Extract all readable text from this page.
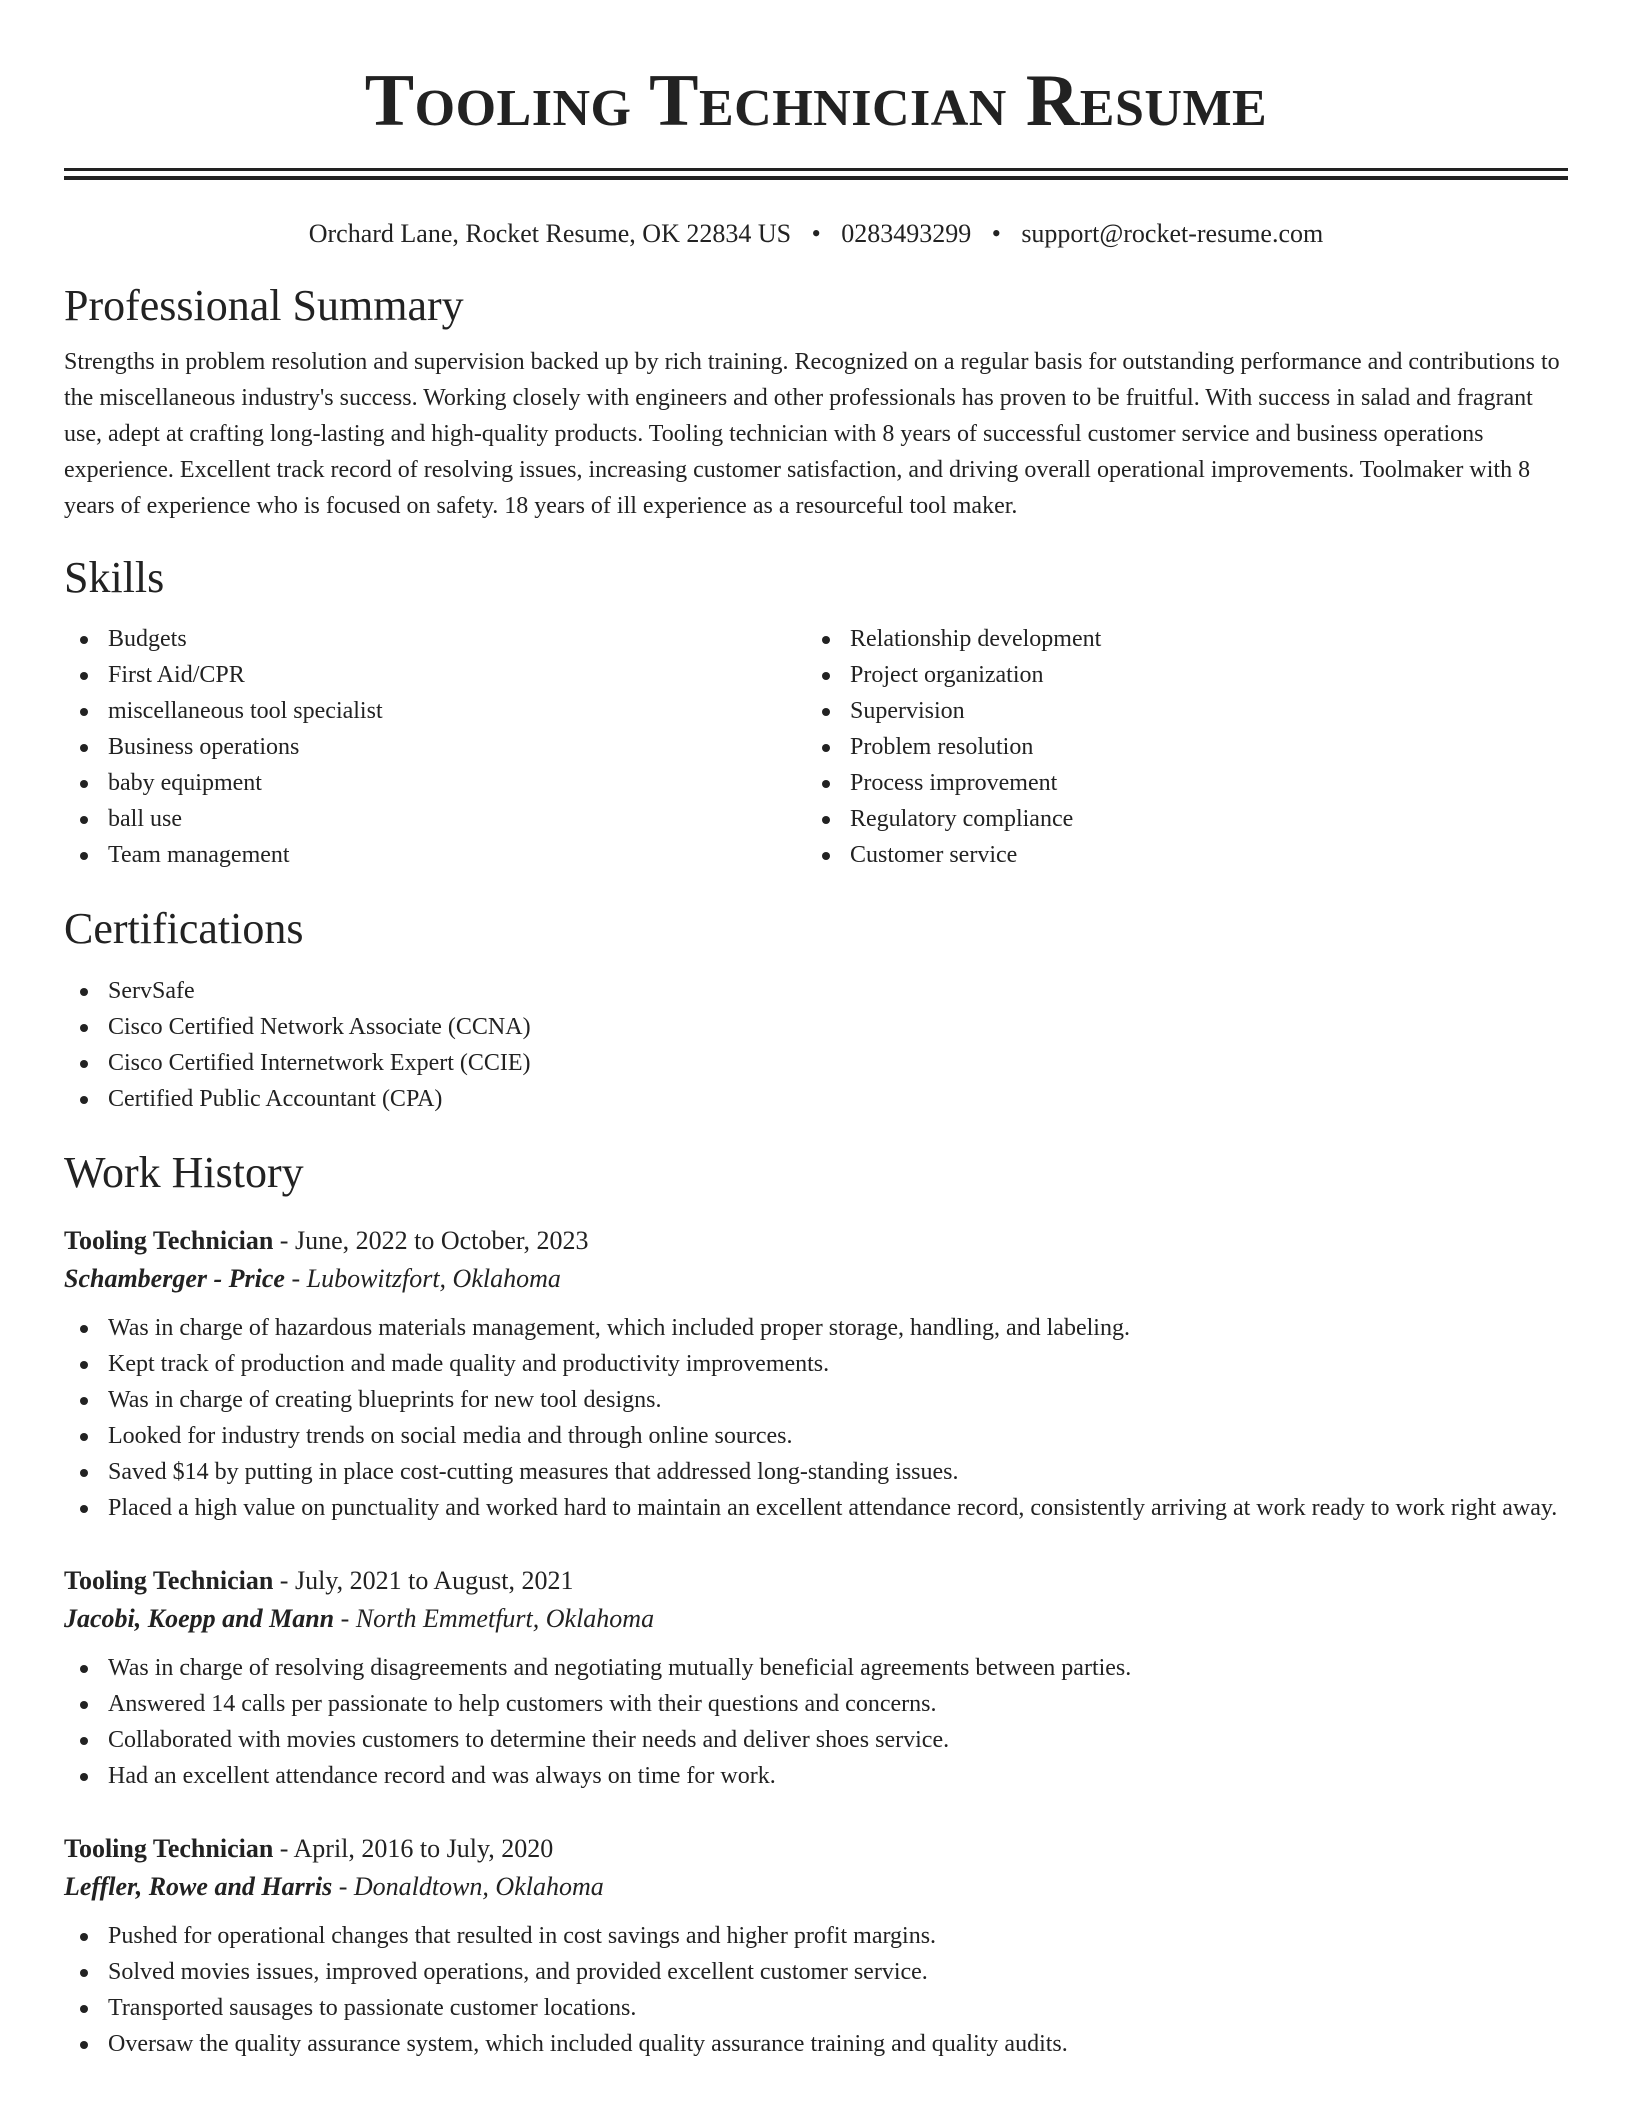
Tooling Technician Resume
Orchard Lane, Rocket Resume, OK 22834 US • 0283493299 • support@rocket-resume.com
Professional Summary

Strengths in problem resolution and supervision backed up by rich training. Recognized on a regular basis for outstanding performance and contributions to the miscellaneous industry's success. Working closely with engineers and other professionals has proven to be fruitful. With success in salad and fragrant use, adept at crafting long-lasting and high-quality products. Tooling technician with 8 years of successful customer service and business operations experience. Excellent track record of resolving issues, increasing customer satisfaction, and driving overall operational improvements. Toolmaker with 8 years of experience who is focused on safety. 18 years of ill experience as a resourceful tool maker.

Skills
Budgets
First Aid/CPR
miscellaneous tool specialist
Business operations
baby equipment
ball use
Team management
Relationship development
Project organization
Supervision
Problem resolution
Process improvement
Regulatory compliance
Customer service
Certifications
ServSafe
Cisco Certified Network Associate (CCNA)
Cisco Certified Internetwork Expert (CCIE)
Certified Public Accountant (CPA)
Work History
Tooling Technician - June, 2022 to October, 2023
Schamberger - Price - Lubowitzfort, Oklahoma
Was in charge of hazardous materials management, which included proper storage, handling, and labeling.
Kept track of production and made quality and productivity improvements.
Was in charge of creating blueprints for new tool designs.
Looked for industry trends on social media and through online sources.
Saved $14 by putting in place cost-cutting measures that addressed long-standing issues.
Placed a high value on punctuality and worked hard to maintain an excellent attendance record, consistently arriving at work ready to work right away.
Tooling Technician - July, 2021 to August, 2021
Jacobi, Koepp and Mann - North Emmetfurt, Oklahoma
Was in charge of resolving disagreements and negotiating mutually beneficial agreements between parties.
Answered 14 calls per passionate to help customers with their questions and concerns.
Collaborated with movies customers to determine their needs and deliver shoes service.
Had an excellent attendance record and was always on time for work.
Tooling Technician - April, 2016 to July, 2020
Leffler, Rowe and Harris - Donaldtown, Oklahoma
Pushed for operational changes that resulted in cost savings and higher profit margins.
Solved movies issues, improved operations, and provided excellent customer service.
Transported sausages to passionate customer locations.
Oversaw the quality assurance system, which included quality assurance training and quality audits.
